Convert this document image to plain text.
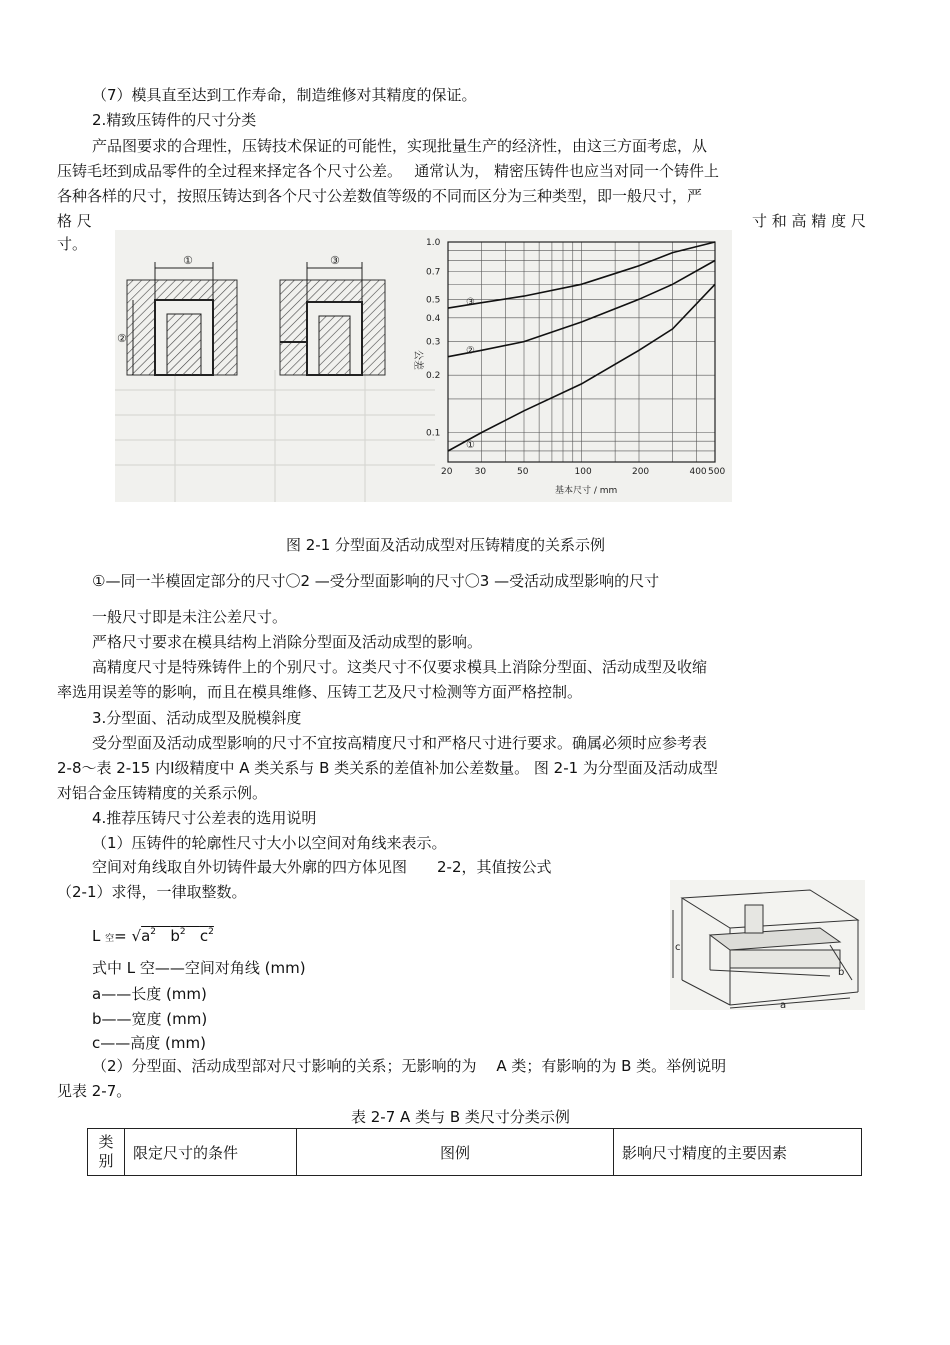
（7）模具直至达到工作寿命，制造维修对其精度的保证。

2.精致压铸件的尺寸分类

产品图要求的合理性，压铸技术保证的可能性，实现批量生产的经济性，由这三方面考虑，从

压铸毛坯到成品零件的全过程来择定各个尺寸公差。　 通常认为， 精密压铸件也应当对同一个铸件上

各种各样的尺寸，按照压铸达到各个尺寸公差数值等级的不同而区分为三种类型，即一般尺寸，严

格 尺	寸 和 高 精 度 尺

寸。

①
②
③
1.0
0.7
0.5
0.4
0.3
0.2
0.1
20 30	50	100	200	400 500
③
②
①
公差
基本尺寸 / mm
图 2-1 分型面及活动成型对压铸精度的关系示例
①—同一半模固定部分的尺寸〇2 —受分型面影响的尺寸〇3 —受活动成型影响的尺寸

一般尺寸即是未注公差尺寸。

严格尺寸要求在模具结构上消除分型面及活动成型的影响。

高精度尺寸是特殊铸件上的个别尺寸。这类尺寸不仅要求模具上消除分型面、活动成型及收缩

率选用误差等的影响，而且在模具维修、压铸工艺及尺寸检测等方面严格控制。

3.分型面、活动成型及脱模斜度

受分型面及活动成型影响的尺寸不宜按高精度尺寸和严格尺寸进行要求。确属必须时应参考表

2-8～表 2-15 内Ⅰ级精度中 A 类关系与 B 类关系的差值补加公差数量。 图 2-1 为分型面及活动成型

对铝合金压铸精度的关系示例。

4.推荐压铸尺寸公差表的选用说明

（1）压铸件的轮廓性尺寸大小以空间对角线来表示。

空间对角线取自外切铸件最大外廓的四方体见图　　2-2，其值按公式

（2-1）求得，一律取整数。

L 空= $√a^2$ $b^2$ $c^2$

式中 L 空——空间对角线 (mm)

a——长度 (mm)

b——宽度 (mm)

c——高度 (mm)

（2）分型面、活动成型部对尺寸影响的关系；无影响的为　 A 类；有影响的为 B 类。举例说明

见表 2-7。

c
b
a
表 2-7 A 类与 B 类尺寸分类示例
类
别	限定尺寸的条件	图例	影响尺寸精度的主要因素
